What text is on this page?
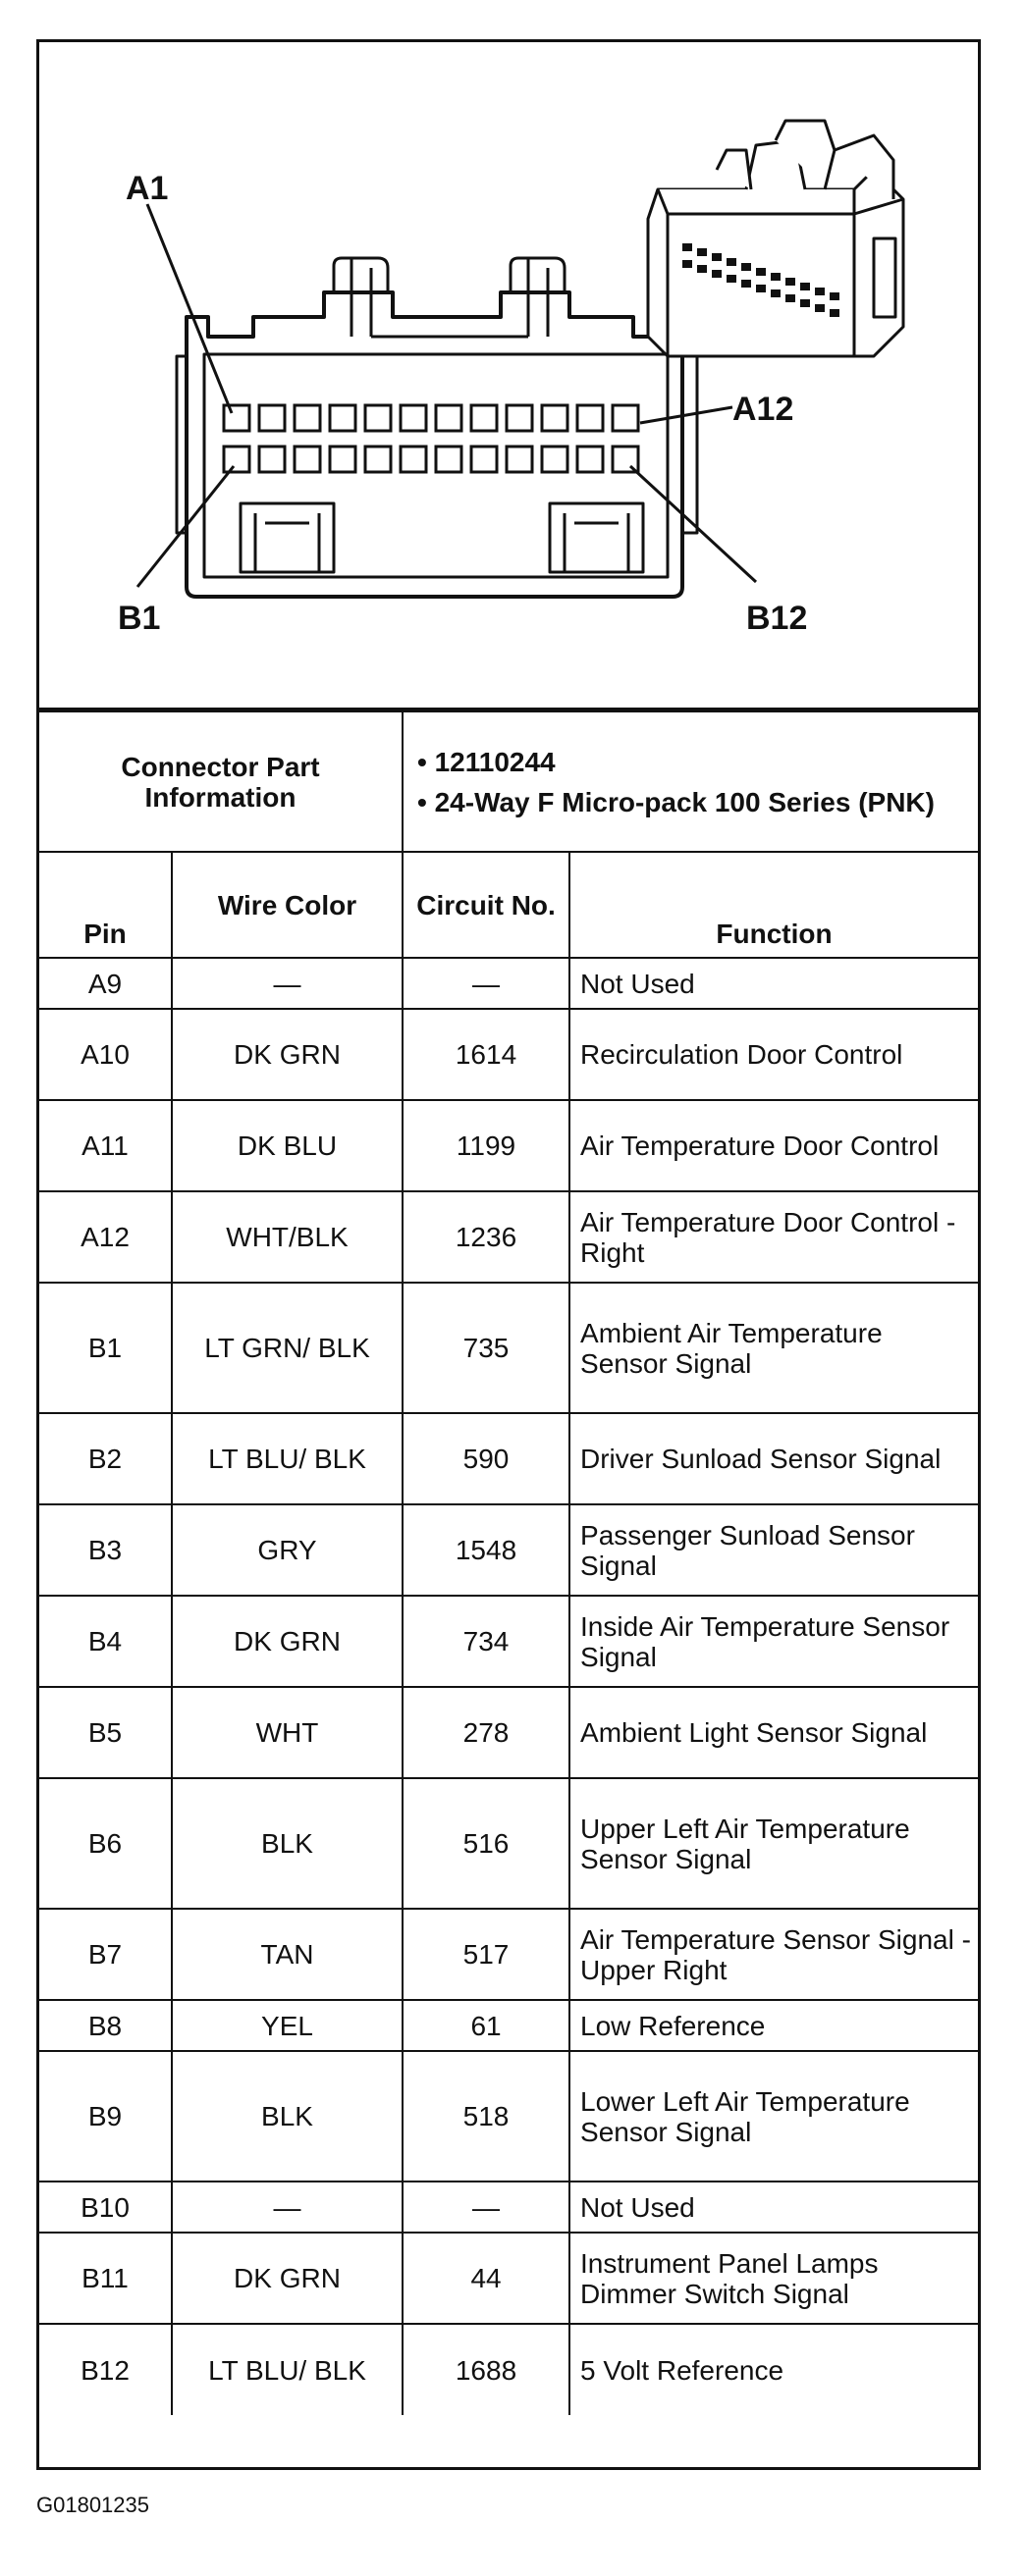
A1
A12
B1	B12
Connector Part Information		• 12110244
• 24-Way F Micro-pack 100 Series (PNK)	

Pin	Wire Color	Circuit No.	Function
A9	—	—	Not Used
A10	DK GRN	1614	Recirculation Door Control
A11	DK BLU	1199	Air Temperature Door Control
A12	WHT/BLK	1236	Air Temperature Door Control - Right
B1	LT GRN/ BLK	735	Ambient Air Temperature Sensor Signal
B2	LT BLU/ BLK	590	Driver Sunload Sensor Signal
B3	GRY	1548	Passenger Sunload Sensor Signal
B4	DK GRN	734	Inside Air Temperature Sensor Signal
B5	WHT	278	Ambient Light Sensor Signal
B6	BLK	516	Upper Left Air Temperature Sensor Signal
B7	TAN	517	Air Temperature Sensor Signal - Upper Right
B8	YEL	61	Low Reference
B9	BLK	518	Lower Left Air Temperature Sensor Signal
B10	—	—	Not Used
B11	DK GRN	44	Instrument Panel Lamps Dimmer Switch Signal
B12	LT BLU/ BLK	1688	5 Volt Reference
G01801235
